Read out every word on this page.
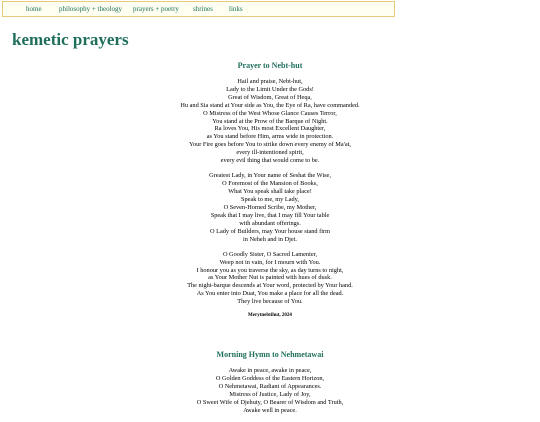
home philosophy + theology prayers + poetry shrines links
kemetic prayers
Prayer to Nebt-hut
Hail and praise, Nebt-hut,
Lady to the Limit Under the Gods!
Great of Wisdom, Great of Heqa,
Hu and Sia stand at Your side as You, the Eye of Ra, have commanded.
O Mistress of the West Whose Glance Causes Terror,
You stand at the Prow of the Barque of Night.
Ra loves You, His most Excellent Daughter,
as You stand before Him, arms wide in protection.
Your Fire goes before You to strike down every enemy of Ma'at,
every ill-intentioned spirit,
every evil thing that would come to be.
Greatest Lady, in Your name of Seshat the Wise,
O Foremost of the Mansion of Books,
What You speak shall take place!
Speak to me, my Lady,
O Seven-Horned Scribe, my Mother,
Speak that I may live, that I may fill Your table
with abundant offerings.
O Lady of Builders, may Your house stand firm
in Neheh and in Djet.
O Goodly Sister, O Sacred Lamenter,
Weep not in vain, for I mourn with You.
I honour you as you traverse the sky, as day turns to night,
as Your Mother Nut is painted with hues of dusk.
The night-barque descends at Your word, protected by Your hand.
As You enter into Duat, You make a place for all the dead.
They live because of You.

Merytnebtihut, 2024

Morning Hymn to Nehmetawai
Awake in peace, awake in peace,
O Golden Goddess of the Eastern Horizon,
O Nehmetawai, Radiant of Appearances.
Mistress of Justice, Lady of Joy,
O Sweet Wife of Djehuty, O Bearer of Wisdom and Truth,
Awake well in peace.
